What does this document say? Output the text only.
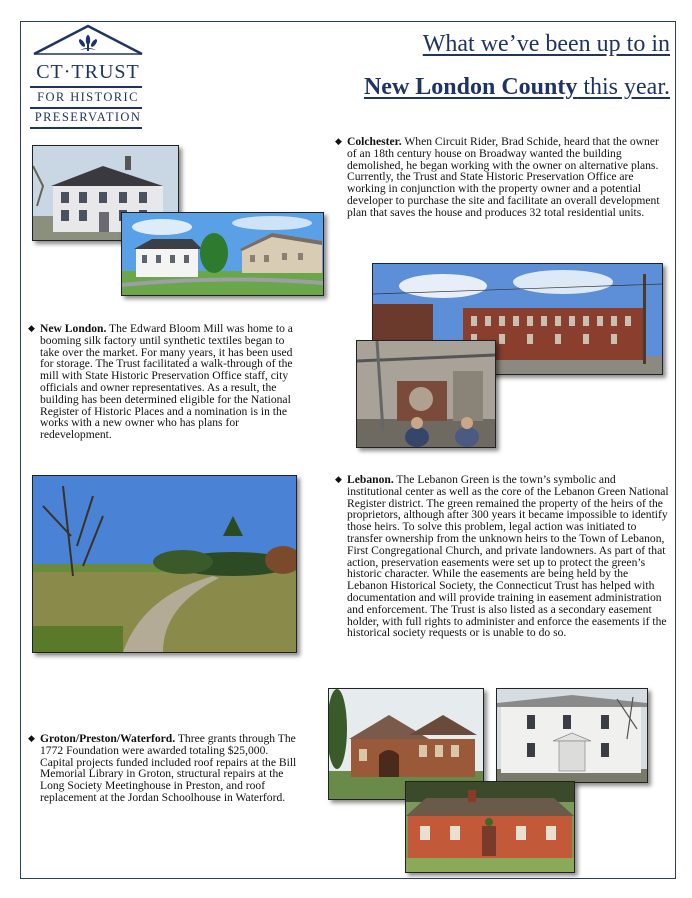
CT·TRUST
FOR HISTORIC
PRESERVATION
What we’ve been up to in
New London County this year.
◆ Colchester. When Circuit Rider, Brad Schide, heard that the owner of an 18th century house on Broadway wanted the building demolished, he began working with the owner on alternative plans. Currently, the Trust and State Historic Preservation Office are working in conjunction with the property owner and a potential developer to purchase the site and facilitate an overall development plan that saves the house and produces 32 total residential units.
◆ New London. The Edward Bloom Mill was home to a booming silk factory until synthetic textiles began to take over the market. For many years, it has been used for storage. The Trust facilitated a walk-through of the mill with State Historic Preservation Office staff, city officials and owner representatives. As a result, the building has been determined eligible for the National Register of Historic Places and a nomination is in the works with a new owner who has plans for redevelopment.
◆ Lebanon. The Lebanon Green is the town’s symbolic and institutional center as well as the core of the Lebanon Green National Register district. The green remained the property of the heirs of the proprietors, although after 300 years it became impossible to identify those heirs. To solve this problem, legal action was initiated to transfer ownership from the unknown heirs to the Town of Lebanon, First Congregational Church, and private landowners. As part of that action, preservation easements were set up to protect the green’s historic character. While the easements are being held by the Lebanon Historical Society, the Connecticut Trust has helped with documentation and will provide training in easement administration and enforcement. The Trust is also listed as a secondary easement holder, with full rights to administer and enforce the easements if the historical society requests or is unable to do so.
◆ Groton/Preston/Waterford. Three grants through The 1772 Foundation were awarded totaling $25,000. Capital projects funded included roof repairs at the Bill Memorial Library in Groton, structural repairs at the Long Society Meetinghouse in Preston, and roof replacement at the Jordan Schoolhouse in Waterford.
